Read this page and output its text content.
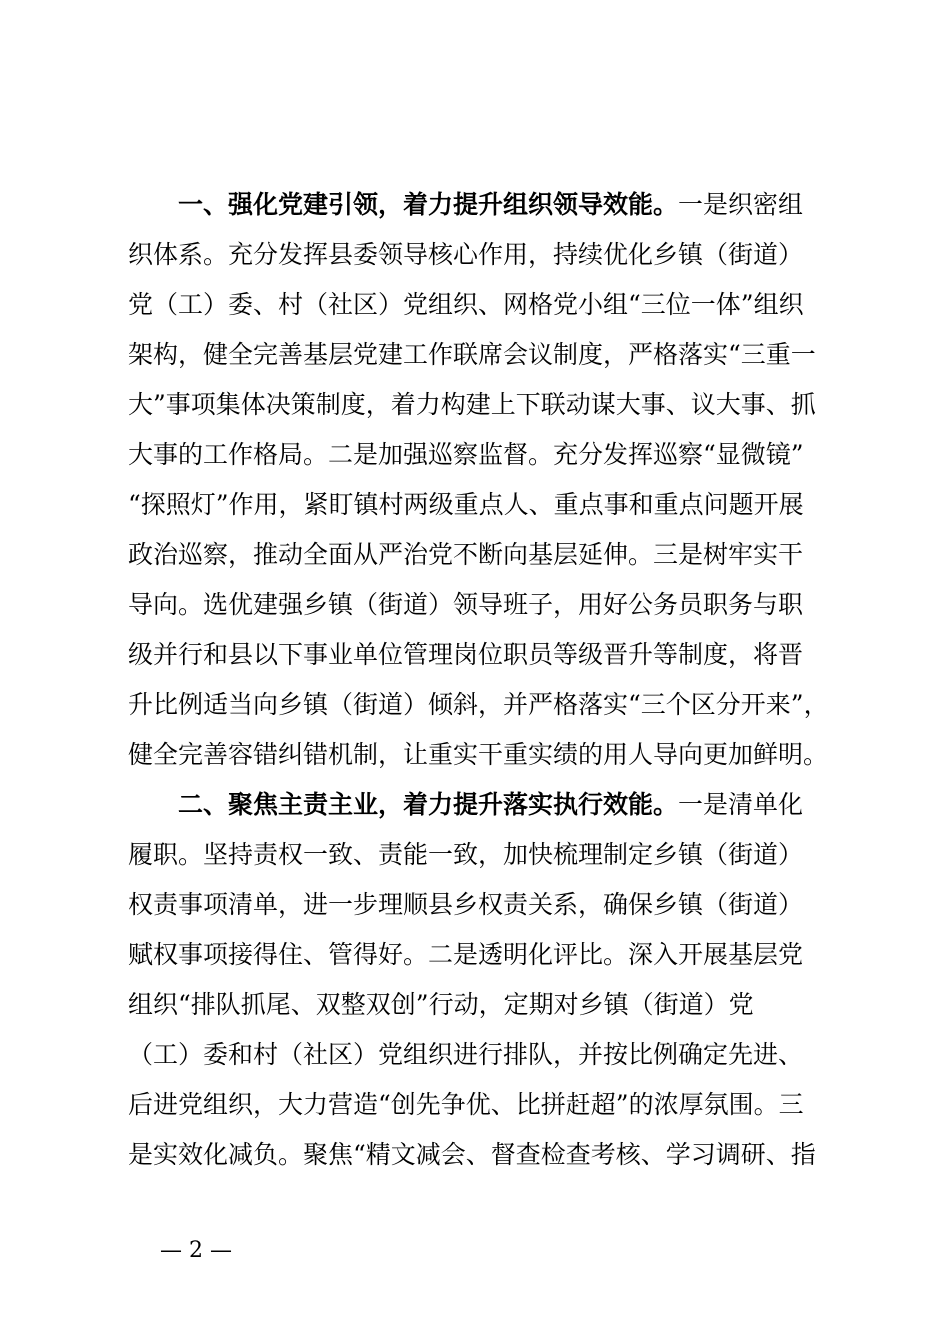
一、强化党建引领，着力提升组织领导效能。一是织密组
织体系。充分发挥县委领导核心作用，持续优化乡镇（街道）
党（工）委、村（社区）党组织、网格党小组“三位一体”组织
架构，健全完善基层党建工作联席会议制度，严格落实“三重一
大”事项集体决策制度，着力构建上下联动谋大事、议大事、抓
大事的工作格局。二是加强巡察监督。充分发挥巡察“显微镜”
“探照灯”作用，紧盯镇村两级重点人、重点事和重点问题开展
政治巡察，推动全面从严治党不断向基层延伸。三是树牢实干
导向。选优建强乡镇（街道）领导班子，用好公务员职务与职
级并行和县以下事业单位管理岗位职员等级晋升等制度，将晋
升比例适当向乡镇（街道）倾斜，并严格落实“三个区分开来”，
健全完善容错纠错机制，让重实干重实绩的用人导向更加鲜明。
二、聚焦主责主业，着力提升落实执行效能。一是清单化
履职。坚持责权一致、责能一致，加快梳理制定乡镇（街道）
权责事项清单，进一步理顺县乡权责关系，确保乡镇（街道）
赋权事项接得住、管得好。二是透明化评比。深入开展基层党
组织“排队抓尾、双整双创”行动，定期对乡镇（街道）党
（工）委和村（社区）党组织进行排队，并按比例确定先进、
后进党组织，大力营造“创先争优、比拼赶超”的浓厚氛围。三
是实效化减负。聚焦“精文减会、督查检查考核、学习调研、指
— 2 —
